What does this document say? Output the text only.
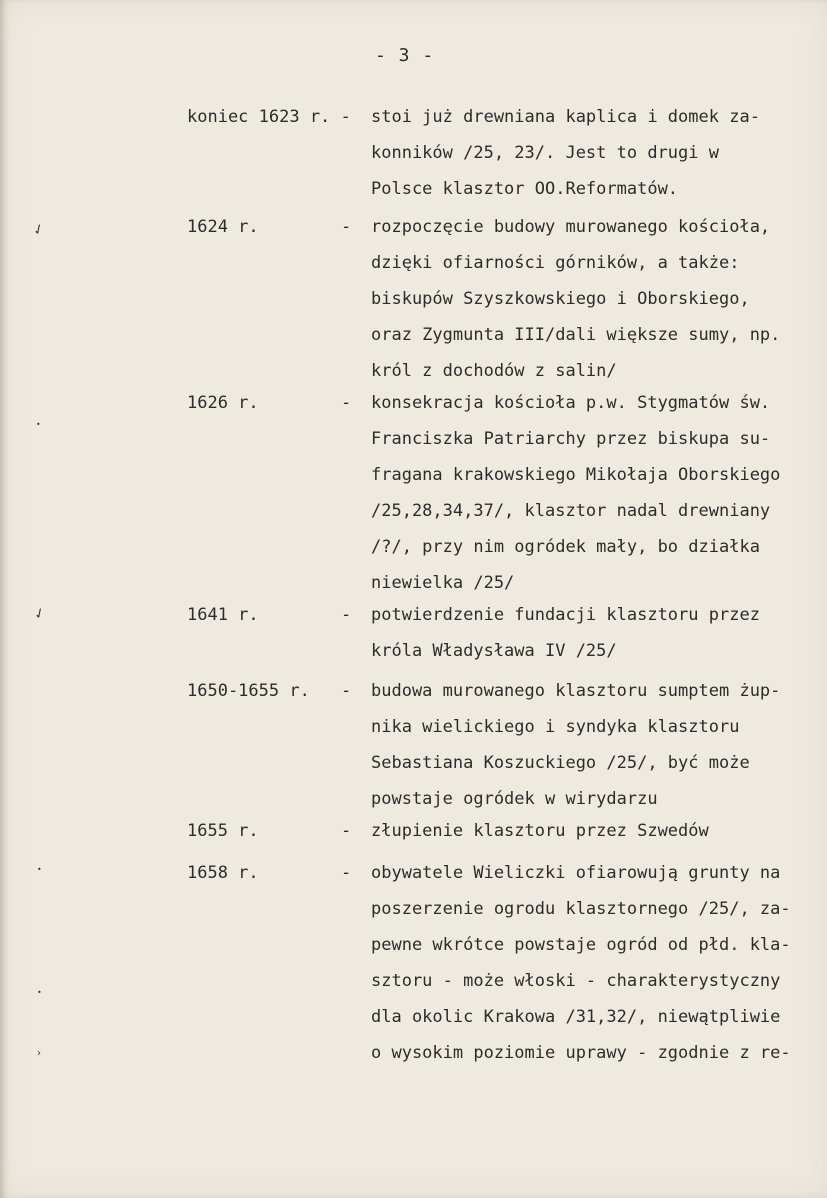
- 3 -
✓
✓
•
•
•
›
koniec 1623 r. - stoi już drewniana kaplica i domek za-
konników /25, 23/. Jest to drugi w
Polsce klasztor OO.Reformatów.
1624 r.	- rozpoczęcie budowy murowanego kościoła,
dzięki ofiarności górników, a także:
biskupów Szyszkowskiego i Oborskiego,
oraz Zygmunta III/dali większe sumy, np.
król z dochodów z salin/
1626 r.	- konsekracja kościoła p.w. Stygmatów św.
Franciszka Patriarchy przez biskupa su-
fragana krakowskiego Mikołaja Oborskiego
/25,28,34,37/, klasztor nadal drewniany
/?/, przy nim ogródek mały, bo działka
niewielka /25/
1641 r.	- potwierdzenie fundacji klasztoru przez
króla Władysława IV /25/
1650-1655 r. - budowa murowanego klasztoru sumptem żup-
nika wielickiego i syndyka klasztoru
Sebastiana Koszuckiego /25/, być może
powstaje ogródek w wirydarzu
1655 r.	- złupienie klasztoru przez Szwedów
1658 r.	- obywatele Wieliczki ofiarowują grunty na
poszerzenie ogrodu klasztornego /25/, za-
pewne wkrótce powstaje ogród od płd. kla-
sztoru - może włoski - charakterystyczny
dla okolic Krakowa /31,32/, niewątpliwie
o wysokim poziomie uprawy - zgodnie z re-
